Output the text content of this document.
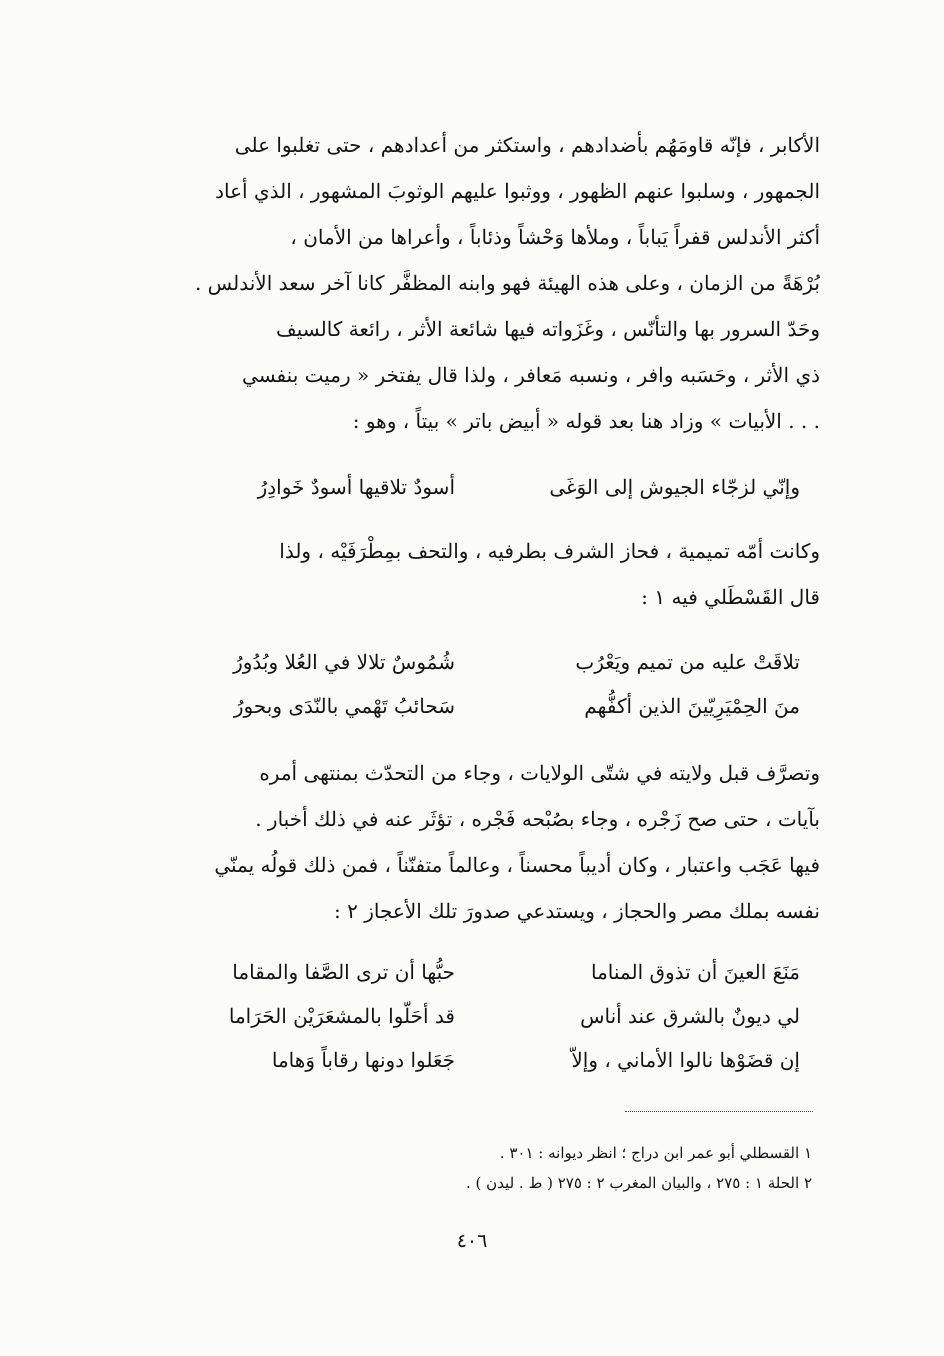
الأكابر ، فإنّه قاومَهُم بأضدادهم ، واستكثر من أعدادهم ، حتى تغلبوا على
الجمهور ، وسلبوا عنهم الظهور ، ووثبوا عليهم الوثوبَ المشهور ، الذي أعاد
أكثر الأندلس قفراً يَباباً ، وملأها وَحْشاً وذئاباً ، وأعراها من الأمان ،
بُرْهَةً من الزمان ، وعلى هذه الهيئة فهو وابنه المظفَّر كانا آخر سعد الأندلس .
وحَدّ السرور بها والتأنّس ، وغَزَواته فيها شائعة الأثر ، رائعة كالسيف
ذي الأثر ، وحَسَبه وافر ، ونسبه مَعافر ، ولذا قال يفتخر « رميت بنفسي
. . . الأبيات » وزاد هنا بعد قوله « أبيض باتر » بيتاً ، وهو :
وإنّي لزجّاء الجيوش إلى الوَغَى
أسودٌ تلاقيها أسودٌ خَوادِرُ
وكانت أمّه تميمية ، فحاز الشرف بطرفيه ، والتحف بمِطْرَفَيْه ، ولذا
قال القَسْطَلي فيه ١ :
تلاقَتْ عليه من تميم ويَعْرُب
شُمُوسٌ تلالا في العُلا وبُدُورُ
منَ الحِمْيَرِيّينَ الذين أكفُّهم
سَحائبُ تَهْمي بالنّدَى وبحورُ
وتصرَّف قبل ولايته في شتّى الولايات ، وجاء من التحدّث بمنتهى أمره
بآيات ، حتى صح زَجْره ، وجاء بصُبْحه فَجْره ، تؤثَر عنه في ذلك أخبار .
فيها عَجَب واعتبار ، وكان أديباً محسناً ، وعالماً متفنّناً ، فمن ذلك قولُه يمنّي
نفسه بملك مصر والحجاز ، ويستدعي صدورَ تلك الأعجاز ٢ :
مَنَعَ العينَ أن تذوق المناما
حبُّها أن ترى الصَّفا والمقاما
لي ديونٌ بالشرق عند أناس
قد أحَلّوا بالمشعَرَيْن الحَرَاما
إن قضَوْها نالوا الأماني ، وإلاّ
جَعَلوا دونها رقاباً وَهاما
١ القسطلي أبو عمر ابن دراج ؛ انظر ديوانه : ٣٠١ .
٢ الحلة ١ : ٢٧٥ ، والبيان المغرب ٢ : ٢٧٥ ( ط . ليدن ) .
٤٠٦
